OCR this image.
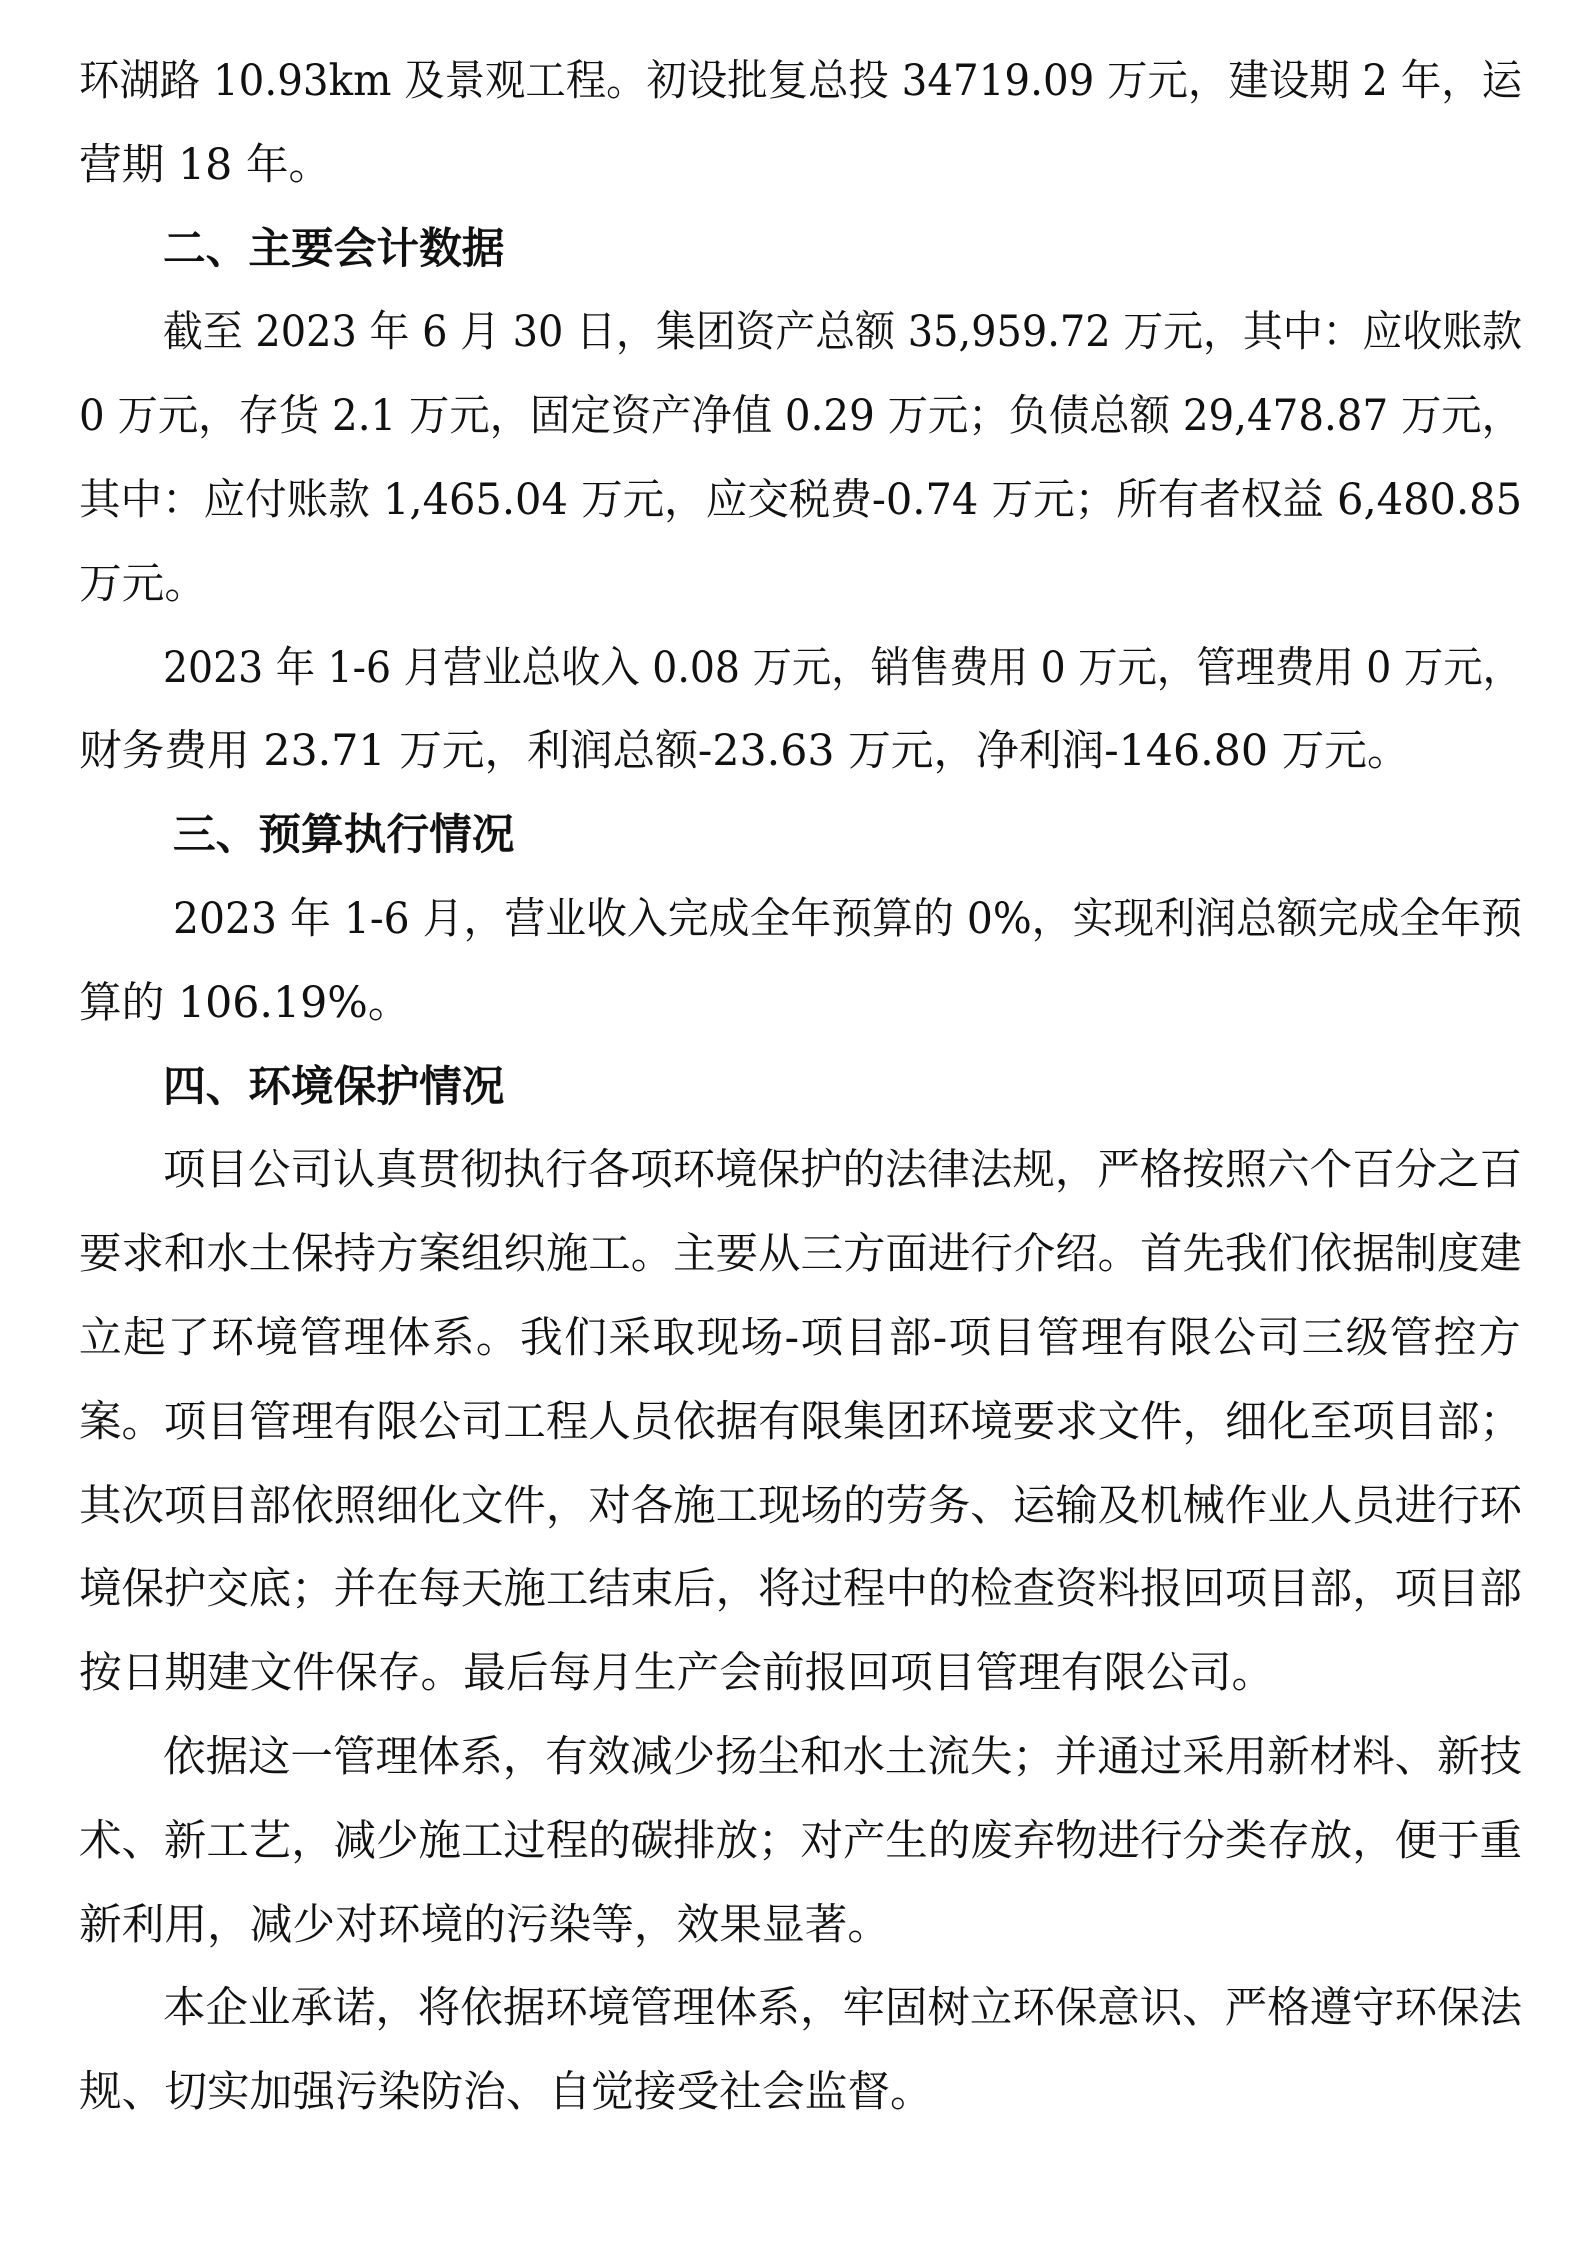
环湖路 10.93km 及景观工程。初设批复总投 34719.09 万元，建设期 2 年，运
营期 18 年。
二、主要会计数据
截至 2023 年 6 月 30 日，集团资产总额 35,959.72 万元，其中：应收账款
0 万元，存货 2.1 万元，固定资产净值 0.29 万元；负债总额 29,478.87 万元，
其中：应付账款 1,465.04 万元，应交税费-0.74 万元；所有者权益 6,480.85
万元。
2023 年 1-6 月营业总收入 0.08 万元，销售费用 0 万元，管理费用 0 万元，
财务费用 23.71 万元，利润总额-23.63 万元，净利润-146.80 万元。
三、预算执行情况
2023 年 1-6 月，营业收入完成全年预算的 0%，实现利润总额完成全年预
算的 106.19%。
四、环境保护情况
项目公司认真贯彻执行各项环境保护的法律法规，严格按照六个百分之百
要求和水土保持方案组织施工。主要从三方面进行介绍。首先我们依据制度建
立起了环境管理体系。我们采取现场-项目部-项目管理有限公司三级管控方
案。项目管理有限公司工程人员依据有限集团环境要求文件，细化至项目部；
其次项目部依照细化文件，对各施工现场的劳务、运输及机械作业人员进行环
境保护交底；并在每天施工结束后，将过程中的检查资料报回项目部，项目部
按日期建文件保存。最后每月生产会前报回项目管理有限公司。
依据这一管理体系，有效减少扬尘和水土流失；并通过采用新材料、新技
术、新工艺，减少施工过程的碳排放；对产生的废弃物进行分类存放，便于重
新利用，减少对环境的污染等，效果显著。
本企业承诺，将依据环境管理体系，牢固树立环保意识、严格遵守环保法
规、切实加强污染防治、自觉接受社会监督。
